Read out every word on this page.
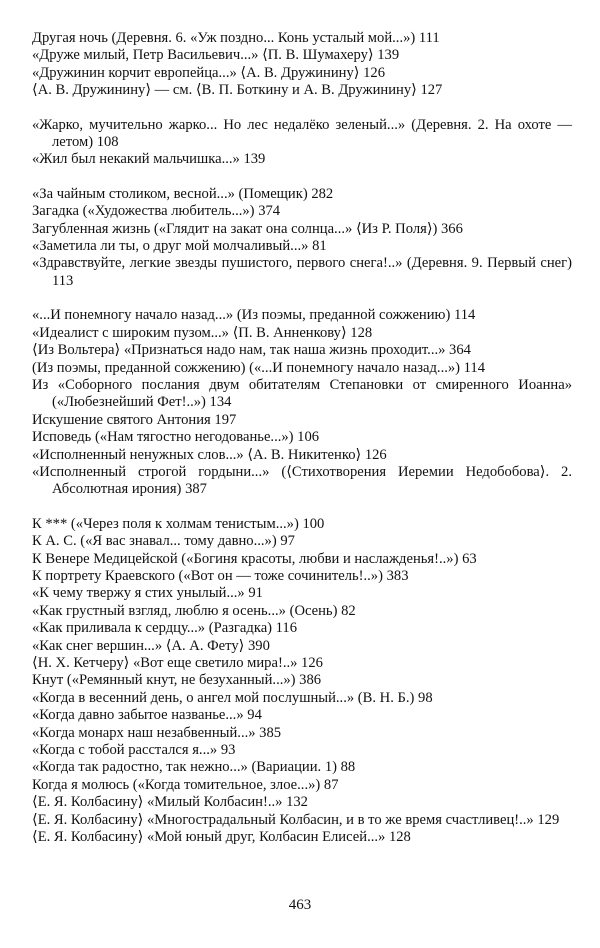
Другая ночь (Деревня. 6. «Уж поздно... Конь усталый мой...») 111
«Друже милый, Петр Васильевич...» ⟨П. В. Шумахеру⟩ 139
«Дружинин корчит европейца...» ⟨А. В. Дружинину⟩ 126
⟨А. В. Дружинину⟩ — см. ⟨В. П. Боткину и А. В. Дружинину⟩ 127
«Жарко, мучительно жарко... Но лес недалёко зеленый...» (Деревня. 2. На охоте — летом) 108
«Жил был некакий мальчишка...» 139
«За чайным столиком, весной...» (Помещик) 282
Загадка («Художества любитель...») 374
Загубленная жизнь («Глядит на закат она солнца...» ⟨Из Р. Поля⟩) 366
«Заметила ли ты, о друг мой молчаливый...» 81
«Здравствуйте, легкие звезды пушистого, первого снега!..» (Деревня. 9. Первый снег) 113
«...И понемногу начало назад...» (Из поэмы, преданной сожжению) 114
«Идеалист с широким пузом...» ⟨П. В. Анненкову⟩ 128
⟨Из Вольтера⟩ «Признаться надо нам, так наша жизнь проходит...» 364
(Из поэмы, преданной сожжению) («...И понемногу начало назад...») 114
Из «Соборного послания двум обитателям Степановки от смиренного Иоанна» («Любезнейший Фет!..») 134
Искушение святого Антония 197
Исповедь («Нам тягостно негодованье...») 106
«Исполненный ненужных слов...» ⟨А. В. Никитенко⟩ 126
«Исполненный строгой гордыни...» (⟨Стихотворения Иеремии Недобобова⟩. 2. Абсолютная ирония) 387
К *** («Через поля к холмам тенистым...») 100
К А. С. («Я вас знавал... тому давно...») 97
К Венере Медицейской («Богиня красоты, любви и наслажденья!..») 63
К портрету Краевского («Вот он — тоже сочинитель!..») 383
«К чему твержу я стих унылый...» 91
«Как грустный взгляд, люблю я осень...» (Осень) 82
«Как приливала к сердцу...» (Разгадка) 116
«Как снег вершин...» ⟨А. А. Фету⟩ 390
⟨Н. Х. Кетчеру⟩ «Вот еще светило мира!..» 126
Кнут («Ремянный кнут, не безуханный...») 386
«Когда в весенний день, о ангел мой послушный...» (В. Н. Б.) 98
«Когда давно забытое названье...» 94
«Когда монарх наш незабвенный...» 385
«Когда с тобой расстался я...» 93
«Когда так радостно, так нежно...» (Вариации. 1) 88
Когда я молюсь («Когда томительное, злое...») 87
⟨Е. Я. Колбасину⟩ «Милый Колбасин!..» 132
⟨Е. Я. Колбасину⟩ «Многострадальный Колбасин, и в то же время счастливец!..» 129
⟨Е. Я. Колбасину⟩ «Мой юный друг, Колбасин Елисей...» 128
463
